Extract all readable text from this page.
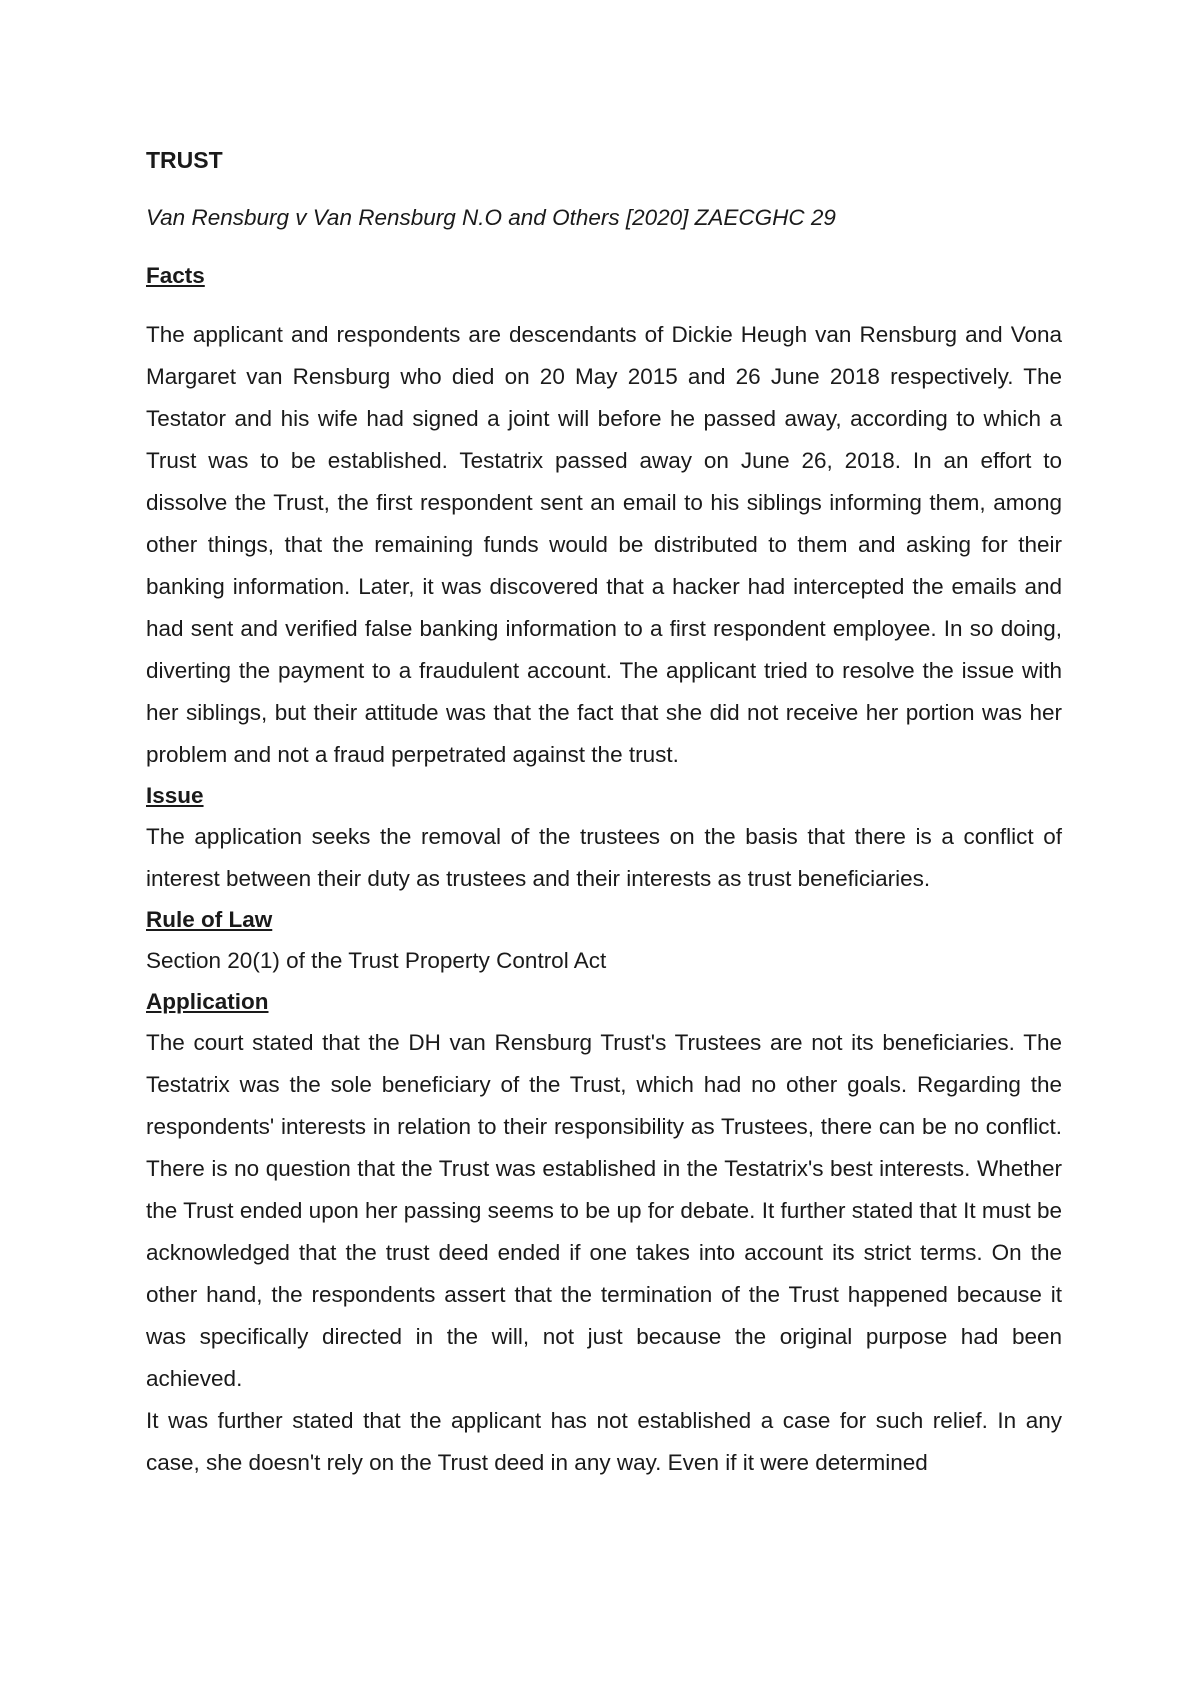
TRUST
Van Rensburg v Van Rensburg N.O and Others [2020] ZAECGHC 29
Facts

The applicant and respondents are descendants of Dickie Heugh van Rensburg and Vona Margaret van Rensburg who died on 20 May 2015 and 26 June 2018 respectively. The Testator and his wife had signed a joint will before he passed away, according to which a Trust was to be established. Testatrix passed away on June 26, 2018. In an effort to dissolve the Trust, the first respondent sent an email to his siblings informing them, among other things, that the remaining funds would be distributed to them and asking for their banking information. Later, it was discovered that a hacker had intercepted the emails and had sent and verified false banking information to a first respondent employee. In so doing, diverting the payment to a fraudulent account. The applicant tried to resolve the issue with her siblings, but their attitude was that the fact that she did not receive her portion was her problem and not a fraud perpetrated against the trust.

Issue

The application seeks the removal of the trustees on the basis that there is a conflict of interest between their duty as trustees and their interests as trust beneficiaries.

Rule of Law

Section 20(1) of the Trust Property Control Act

Application

The court stated that the DH van Rensburg Trust's Trustees are not its beneficiaries. The Testatrix was the sole beneficiary of the Trust, which had no other goals. Regarding the respondents' interests in relation to their responsibility as Trustees, there can be no conflict. There is no question that the Trust was established in the Testatrix's best interests. Whether the Trust ended upon her passing seems to be up for debate. It further stated that It must be acknowledged that the trust deed ended if one takes into account its strict terms. On the other hand, the respondents assert that the termination of the Trust happened because it was specifically directed in the will, not just because the original purpose had been achieved.

It was further stated that the applicant has not established a case for such relief. In any case, she doesn't rely on the Trust deed in any way. Even if it were determined
